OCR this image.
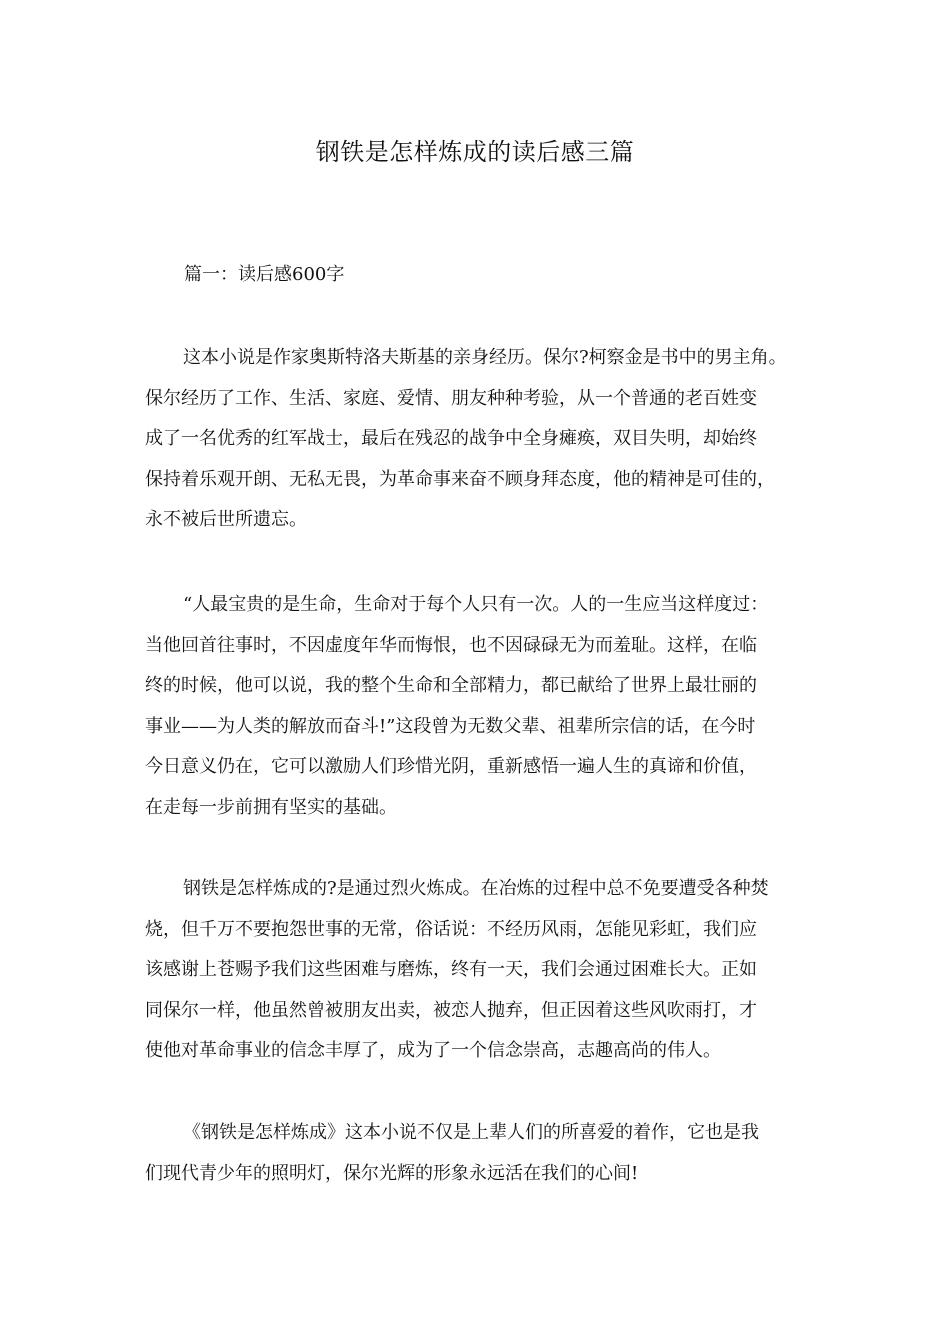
钢铁是怎样炼成的读后感三篇
篇一：读后感600字
这本小说是作家奥斯特洛夫斯基的亲身经历。保尔?柯察金是书中的男主角。
保尔经历了工作、生活、家庭、爱情、朋友种种考验，从一个普通的老百姓变
成了一名优秀的红军战士，最后在残忍的战争中全身瘫痪，双目失明，却始终
保持着乐观开朗、无私无畏，为革命事来奋不顾身拜态度，他的精神是可佳的，
永不被后世所遗忘。
“人最宝贵的是生命，生命对于每个人只有一次。人的一生应当这样度过：
当他回首往事时，不因虚度年华而悔恨，也不因碌碌无为而羞耻。这样，在临
终的时候，他可以说，我的整个生命和全部精力，都已献给了世界上最壮丽的
事业——为人类的解放而奋斗!”这段曾为无数父辈、祖辈所宗信的话，在今时
今日意义仍在，它可以激励人们珍惜光阴，重新感悟一遍人生的真谛和价值，
在走每一步前拥有坚实的基础。
钢铁是怎样炼成的?是通过烈火炼成。在冶炼的过程中总不免要遭受各种焚
烧，但千万不要抱怨世事的无常，俗话说：不经历风雨，怎能见彩虹，我们应
该感谢上苍赐予我们这些困难与磨炼，终有一天，我们会通过困难长大。正如
同保尔一样，他虽然曾被朋友出卖，被恋人抛弃，但正因着这些风吹雨打，才
使他对革命事业的信念丰厚了，成为了一个信念崇高，志趣高尚的伟人。
《钢铁是怎样炼成》这本小说不仅是上辈人们的所喜爱的着作，它也是我
们现代青少年的照明灯，保尔光辉的形象永远活在我们的心间!
